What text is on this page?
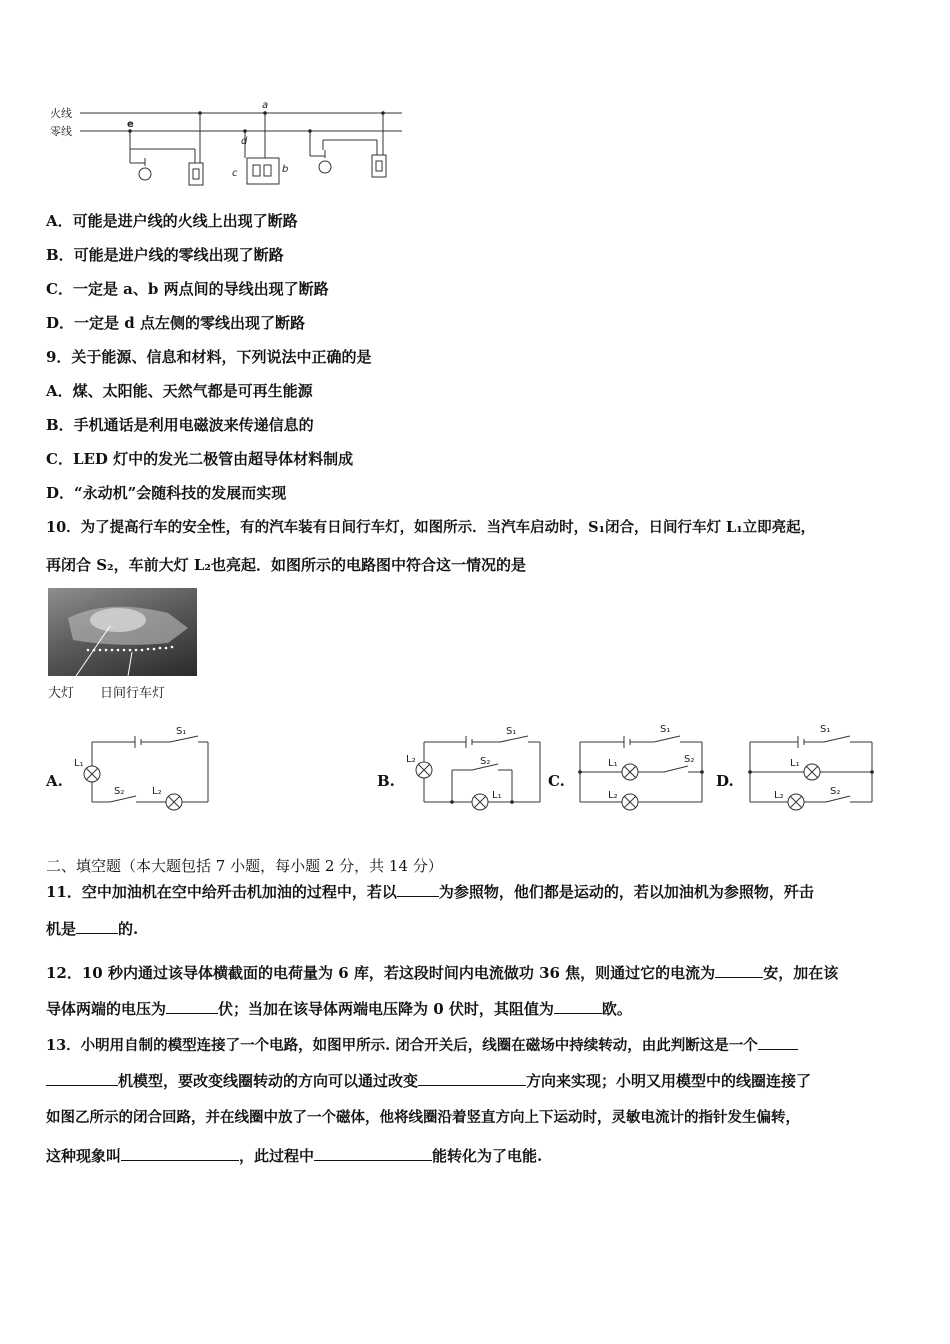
火线
零线
a
d
c	b
e
A．可能是进户线的火线上出现了断路
B．可能是进户线的零线出现了断路
C．一定是 a、b 两点间的导线出现了断路
D．一定是 d 点左侧的零线出现了断路
9．关于能源、信息和材料，下列说法中正确的是
A．煤、太阳能、天然气都是可再生能源
B．手机通话是利用电磁波来传递信息的
C．LED 灯中的发光二极管由超导体材料制成
D．“永动机”会随科技的发展而实现
10．为了提高行车的安全性，有的汽车装有日间行车灯，如图所示．当汽车启动时，S₁闭合，日间行车灯 L₁立即亮起，
再闭合 S₂，车前大灯 L₂也亮起．如图所示的电路图中符合这一情况的是
大灯 日间行车灯
A.
S₁
L₁
S₂	L₂
B.
S₁
L₂	S₂
L₁
C.
S₁
L₁	S₂
L₂
D.
S₁
L₁
L₂	S₂
二、填空题（本大题包括 7 小题，每小题 2 分，共 14 分）
11．空中加油机在空中给歼击机加油的过程中，若以	为参照物，他们都是运动的，若以加油机为参照物，歼击
机是	的.
12．10 秒内通过该导体横截面的电荷量为 6 库，若这段时间内电流做功 36 焦，则通过它的电流为	安，加在该
导体两端的电压为	伏；当加在该导体两端电压降为 0 伏时，其阻值为	欧。
13．小明用自制的模型连接了一个电路，如图甲所示. 闭合开关后，线圈在磁场中持续转动，由此判断这是一个
机模型，要改变线圈转动的方向可以通过改变	方向来实现；小明又用模型中的线圈连接了
如图乙所示的闭合回路，并在线圈中放了一个磁体，他将线圈沿着竖直方向上下运动时，灵敏电流计的指针发生偏转，
这种现象叫	，此过程中	能转化为了电能.
